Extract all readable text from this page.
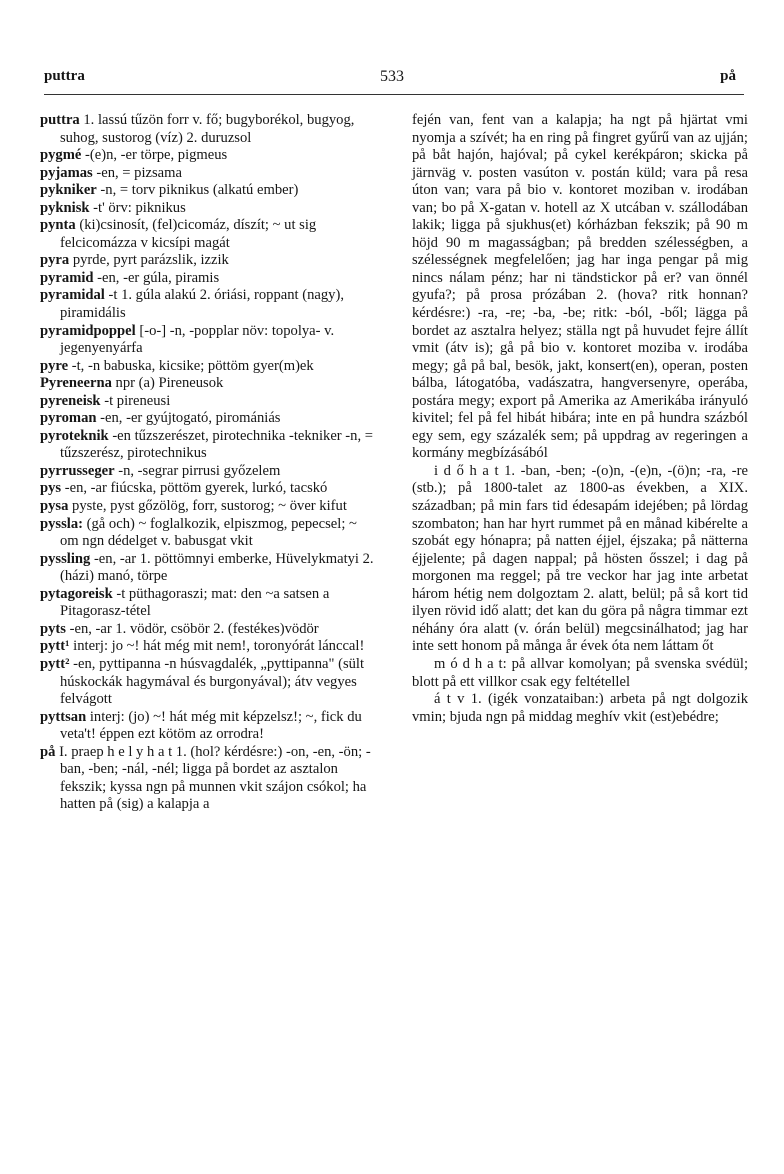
533
puttra	på

puttra 1. lassú tűzön forr v. fő; bugyborékol, bugyog, suhog, sustorog (víz) 2. duruzsol

pygmé -(e)n, -er törpe, pigmeus

pyjamas -en, = pizsama

pykniker -n, = torv piknikus (alkatú ember)

pyknisk -t' örv: piknikus

pynta (ki)csinosít, (fel)cicomáz, díszít; ~ ut sig felcicomázza v kicsípi magát

pyra pyrde, pyrt parázslik, izzik

pyramid -en, -er gúla, piramis

pyramidal -t 1. gúla alakú 2. óriási, roppant (nagy), piramidális

pyramidpoppel [-o-] -n, -popplar növ: topolya- v. jegenyenyárfa

pyre -t, -n babuska, kicsike; pöttöm gyer(m)ek

Pyreneerna npr (a) Pireneusok

pyreneisk -t pireneusi

pyroman -en, -er gyújtogató, piromániás

pyroteknik -en tűzszerészet, pirotechnika -tekniker -n, = tűzszerész, pirotechnikus

pyrrusseger -n, -segrar pirrusi győzelem

pys -en, -ar fiúcska, pöttöm gyerek, lurkó, tacskó

pysa pyste, pyst gőzölög, forr, sustorog; ~ över kifut

pyssla: (gå och) ~ foglalkozik, elpiszmog, pepecsel; ~ om ngn dédelget v. babusgat vkit

pyssling -en, -ar 1. pöttömnyi emberke, Hüvelykmatyi 2. (házi) manó, törpe

pytagoreisk -t püthagoraszi; mat: den ~a satsen a Pitagorasz-tétel

pyts -en, -ar 1. vödör, csöbör 2. (festékes)vödör

pytt¹ interj: jo ~! hát még mit nem!, toronyórát lánccal!

pytt² -en, pyttipanna -n húsvagdalék, „pyttipanna" (sült húskockák hagymával és burgonyával); átv vegyes felvágott

pyttsan interj: (jo) ~! hát még mit képzelsz!; ~, fick du veta't! éppen ezt kötöm az orrodra!

på I. praep h e l y h a t 1. (hol? kérdésre:) -on, -en, -ön; -ban, -ben; -nál, -nél; ligga på bordet az asztalon fekszik; kyssa ngn på munnen vkit szájon csókol; ha hatten på (sig) a kalapja a

fején van, fent van a kalapja; ha ngt på hjärtat vmi nyomja a szívét; ha en ring på fingret gyűrű van az ujján; på båt hajón, hajóval; på cykel kerékpáron; skicka på järnväg v. posten vasúton v. postán küld; vara på resa úton van; vara på bio v. kontoret moziban v. irodában van; bo på X-gatan v. hotell az X utcában v. szállodában lakik; ligga på sjukhus(et) kórházban fekszik; på 90 m höjd 90 m magasságban; på bredden szélességben, a szélességnek megfelelően; jag har inga pengar på mig nincs nálam pénz; har ni tändstickor på er? van önnél gyufa?; på prosa prózában 2. (hova? ritk honnan? kérdésre:) -ra, -re; -ba, -be; ritk: -ból, -ből; lägga på bordet az asztalra helyez; ställa ngt på huvudet fejre állít vmit (átv is); gå på bio v. kontoret moziba v. irodába megy; gå på bal, besök, jakt, konsert(en), operan, posten bálba, látogatóba, vadászatra, hangversenyre, operába, postára megy; export på Amerika az Amerikába irányuló kivitel; fel på fel hibát hibára; inte en på hundra százból egy sem, egy százalék sem; på uppdrag av regeringen a kormány megbízásából

i d ő h a t 1. -ban, -ben; -(o)n, -(e)n, -(ö)n; -ra, -re (stb.); på 1800-talet az 1800-as években, a XIX. században; på min fars tid édesapám idejében; på lördag szombaton; han har hyrt rummet på en månad kibérelte a szobát egy hónapra; på natten éjjel, éjszaka; på nätterna éjjelente; på dagen nappal; på hösten ősszel; i dag på morgonen ma reggel; på tre veckor har jag inte arbetat három hétig nem dolgoztam 2. alatt, belül; på så kort tid ilyen rövid idő alatt; det kan du göra på några timmar ezt néhány óra alatt (v. órán belül) megcsinálhatod; jag har inte sett honom på många år évek óta nem láttam őt

m ó d h a t: på allvar komolyan; på svenska svédül; blott på ett villkor csak egy feltétellel

á t v 1. (igék vonzataiban:) arbeta på ngt dolgozik vmin; bjuda ngn på middag meghív vkit (est)ebédre;
